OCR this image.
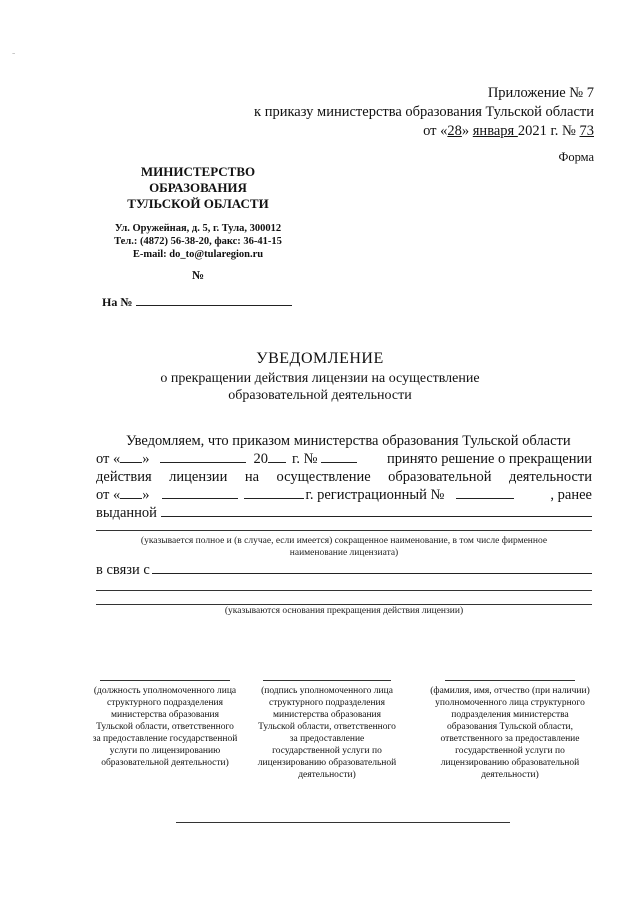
-
Приложение № 7
к приказу министерства образования Тульской области
от «28» января 2021 г. № 73
Форма
МИНИСТЕРСТВО
ОБРАЗОВАНИЯ
ТУЛЬСКОЙ ОБЛАСТИ
Ул. Оружейная, д. 5, г. Тула, 300012
Тел.: (4872) 56-38-20, факс: 36-41-15
E-mail: do_to@tularegion.ru
№
На №
УВЕДОМЛЕНИЕ
о прекращении действия лицензии на осуществление
образовательной деятельности
Уведомляем, что приказом министерства образования Тульской области
от « »	20 г. №	принято решение о прекращении
действия лицензии на осуществление образовательной деятельности
от « »	г. регистрационный №	, ранее
выданной
(указывается полное и (в случае, если имеется) сокращенное наименование, в том числе фирменное
наименование лицензиата)
в связи с
(указываются основания прекращения действия лицензии)
(должность уполномоченного лица структурного подразделения министерства образования Тульской области, ответственного за предоставление государственной услуги по лицензированию образовательной деятельности)
(подпись уполномоченного лица структурного подразделения министерства образования Тульской области, ответственного за предоставление государственной услуги по лицензированию образовательной деятельности)
(фамилия, имя, отчество (при наличии) уполномоченного лица структурного подразделения министерства образования Тульской области, ответственного за предоставление государственной услуги по лицензированию образовательной деятельности)
